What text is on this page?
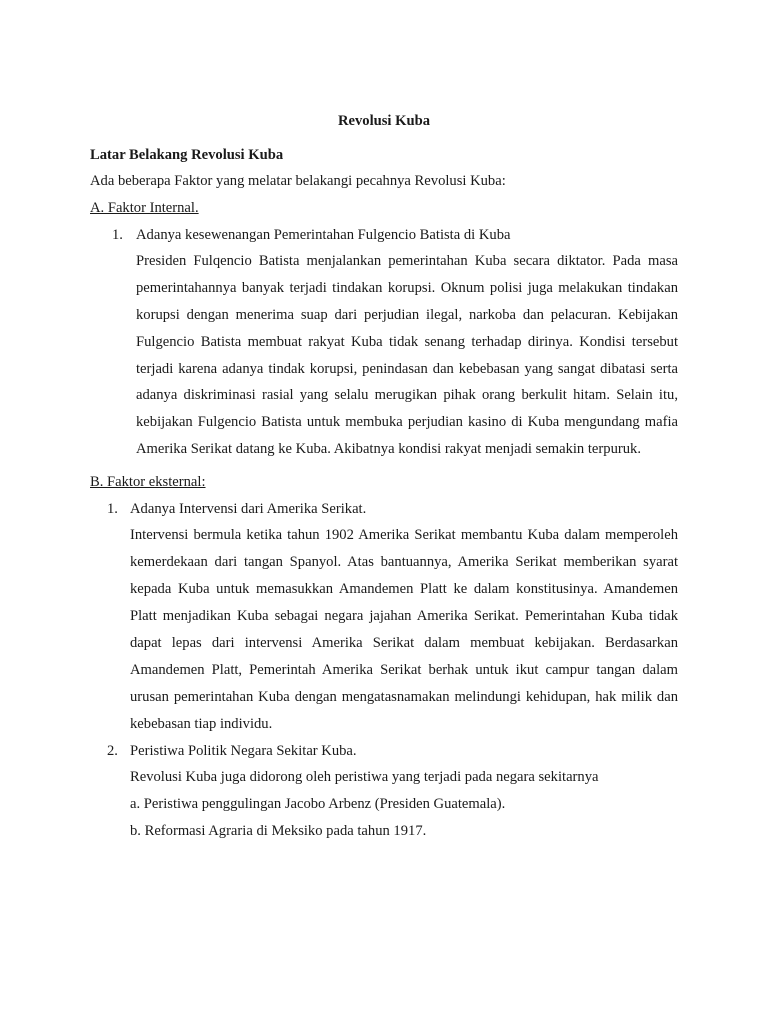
Revolusi Kuba

Latar Belakang Revolusi Kuba

Ada beberapa Faktor yang melatar belakangi pecahnya Revolusi Kuba:

A. Faktor Internal.

1. Adanya kesewenangan Pemerintahan Fulgencio Batista di Kuba

Presiden Fulqencio Batista menjalankan pemerintahan Kuba secara diktator. Pada masa pemerintahannya banyak terjadi tindakan korupsi. Oknum polisi juga melakukan tindakan korupsi dengan menerima suap dari perjudian ilegal, narkoba dan pelacuran. Kebijakan Fulgencio Batista membuat rakyat Kuba tidak senang terhadap dirinya. Kondisi tersebut terjadi karena adanya tindak korupsi, penindasan dan kebebasan yang sangat dibatasi serta adanya diskriminasi rasial yang selalu merugikan pihak orang berkulit hitam. Selain itu, kebijakan Fulgencio Batista untuk membuka perjudian kasino di Kuba mengundang mafia Amerika Serikat datang ke Kuba. Akibatnya kondisi rakyat menjadi semakin terpuruk.

B. Faktor eksternal:

1. Adanya Intervensi dari Amerika Serikat.

Intervensi bermula ketika tahun 1902 Amerika Serikat membantu Kuba dalam memperoleh kemerdekaan dari tangan Spanyol. Atas bantuannya, Amerika Serikat memberikan syarat kepada Kuba untuk memasukkan Amandemen Platt ke dalam konstitusinya. Amandemen Platt menjadikan Kuba sebagai negara jajahan Amerika Serikat. Pemerintahan Kuba tidak dapat lepas dari intervensi Amerika Serikat dalam membuat kebijakan. Berdasarkan Amandemen Platt, Pemerintah Amerika Serikat berhak untuk ikut campur tangan dalam urusan pemerintahan Kuba dengan mengatasnamakan melindungi kehidupan, hak milik dan kebebasan tiap individu.

2. Peristiwa Politik Negara Sekitar Kuba.

Revolusi Kuba juga didorong oleh peristiwa yang terjadi pada negara sekitarnya

a. Peristiwa penggulingan Jacobo Arbenz (Presiden Guatemala).

b. Reformasi Agraria di Meksiko pada tahun 1917.
